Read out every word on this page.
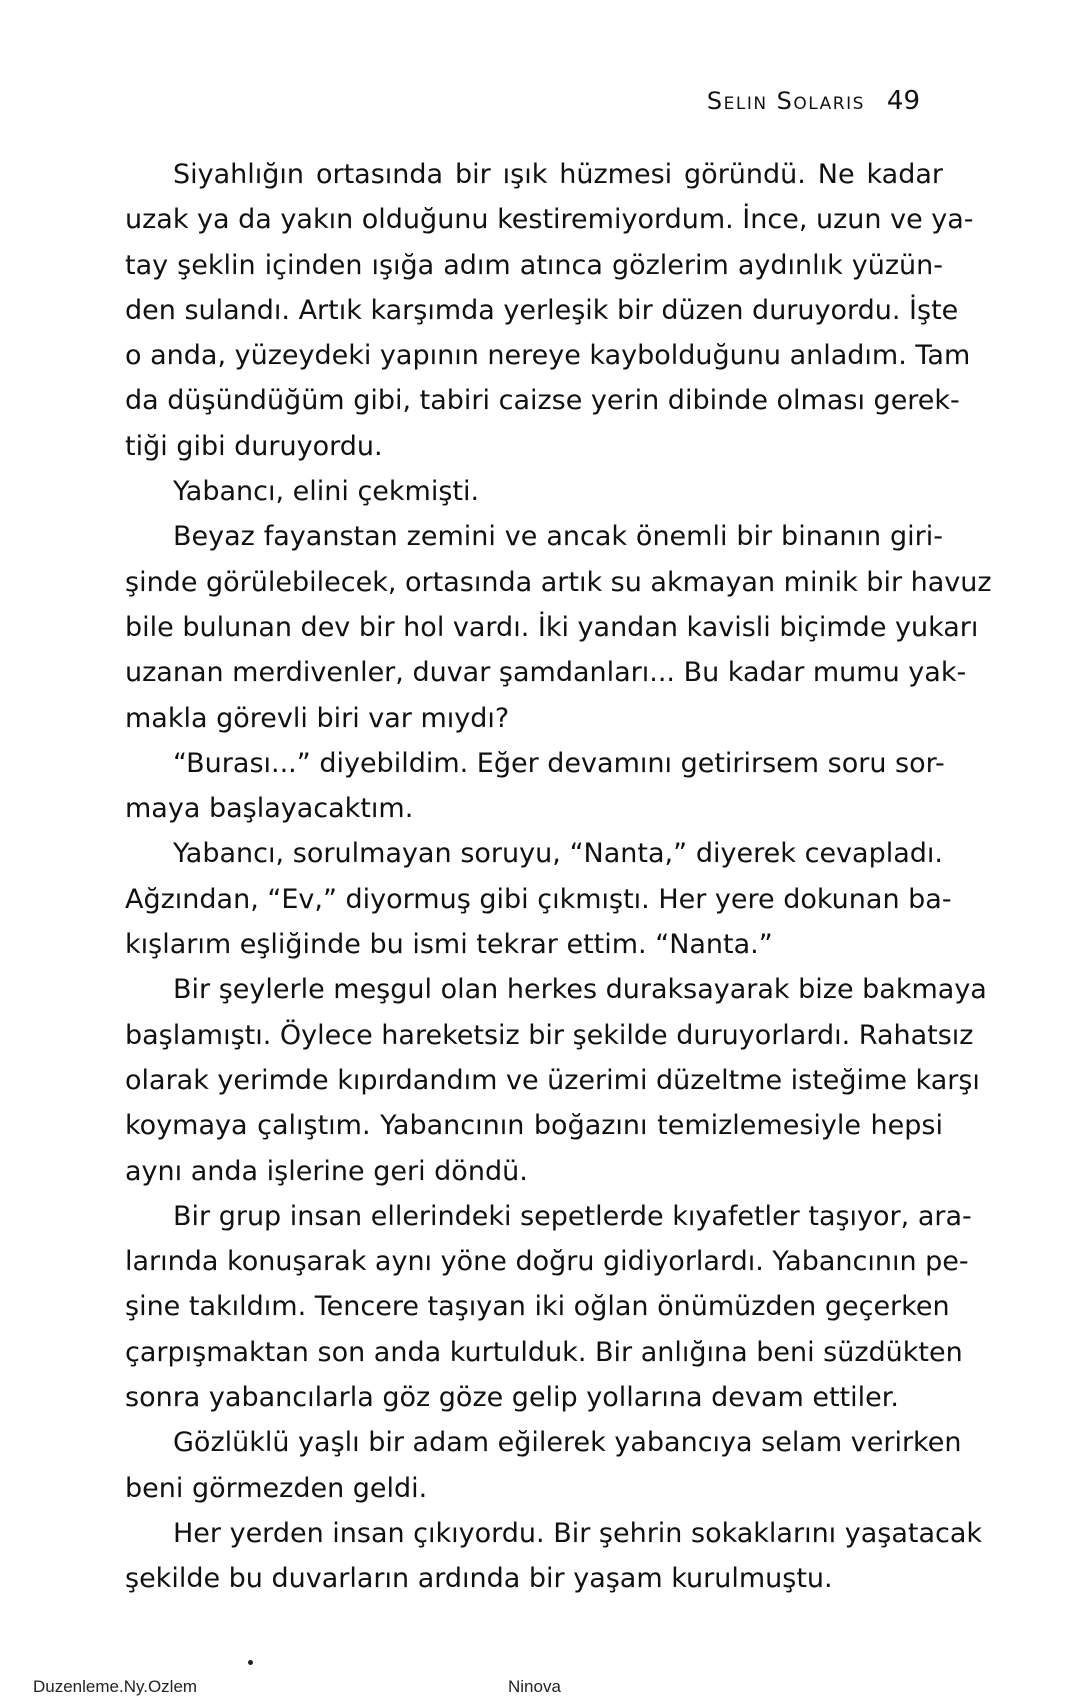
Selin Solaris 49
Siyahlığın ortasında bir ışık hüzmesi göründü. Ne kadar
uzak ya da yakın olduğunu kestiremiyordum. İnce, uzun ve ya-
tay şeklin içinden ışığa adım atınca gözlerim aydınlık yüzün-
den sulandı. Artık karşımda yerleşik bir düzen duruyordu. İşte
o anda, yüzeydeki yapının nereye kaybolduğunu anladım. Tam
da düşündüğüm gibi, tabiri caizse yerin dibinde olması gerek-
tiği gibi duruyordu.
Yabancı, elini çekmişti.
Beyaz fayanstan zemini ve ancak önemli bir binanın giri-
şinde görülebilecek, ortasında artık su akmayan minik bir havuz
bile bulunan dev bir hol vardı. İki yandan kavisli biçimde yukarı
uzanan merdivenler, duvar şamdanları... Bu kadar mumu yak-
makla görevli biri var mıydı?
“Burası...” diyebildim. Eğer devamını getirirsem soru sor-
maya başlayacaktım.
Yabancı, sorulmayan soruyu, “Nanta,” diyerek cevapladı.
Ağzından, “Ev,” diyormuş gibi çıkmıştı. Her yere dokunan ba-
kışlarım eşliğinde bu ismi tekrar ettim. “Nanta.”
Bir şeylerle meşgul olan herkes duraksayarak bize bakmaya
başlamıştı. Öylece hareketsiz bir şekilde duruyorlardı. Rahatsız
olarak yerimde kıpırdandım ve üzerimi düzeltme isteğime karşı
koymaya çalıştım. Yabancının boğazını temizlemesiyle hepsi
aynı anda işlerine geri döndü.
Bir grup insan ellerindeki sepetlerde kıyafetler taşıyor, ara-
larında konuşarak aynı yöne doğru gidiyorlardı. Yabancının pe-
şine takıldım. Tencere taşıyan iki oğlan önümüzden geçerken
çarpışmaktan son anda kurtulduk. Bir anlığına beni süzdükten
sonra yabancılarla göz göze gelip yollarına devam ettiler.
Gözlüklü yaşlı bir adam eğilerek yabancıya selam verirken
beni görmezden geldi.
Her yerden insan çıkıyordu. Bir şehrin sokaklarını yaşatacak
şekilde bu duvarların ardında bir yaşam kurulmuştu.
Duzenleme.Ny.Ozlem	Ninova
